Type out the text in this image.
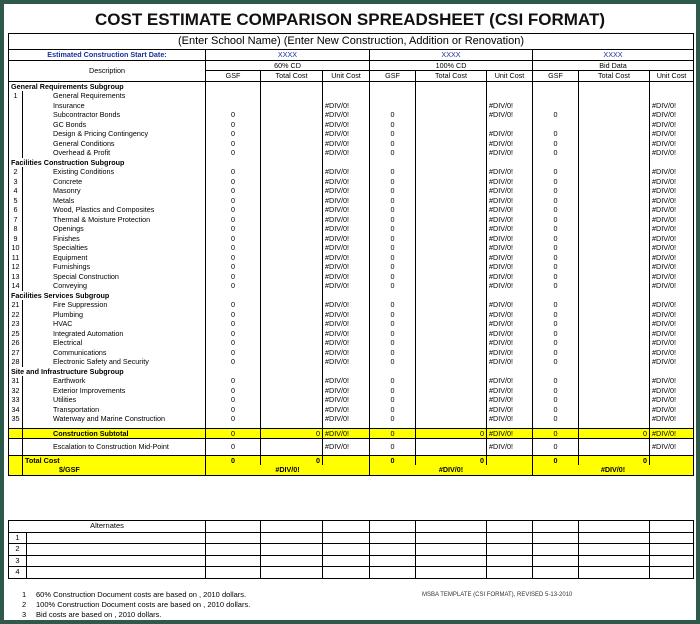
COST ESTIMATE COMPARISON SPREADSHEET (CSI FORMAT)
(Enter School Name) (Enter New Construction, Addition or Renovation)
Estimated Construction Start Date:		XXXX			XXXX			XXXX		
Description		60% CD			100% CD			Bid Data		
		GSF	Total Cost	Unit Cost	GSF	Total Cost	Unit Cost	GSF	Total Cost	Unit Cost
General Requirements Subgroup										
1	General Requirements									
	Insurance			#DIV/0!			#DIV/0!			#DIV/0!
	Subcontractor Bonds	0		#DIV/0!	0		#DIV/0!	0		#DIV/0!
	GC Bonds	0		#DIV/0!	0					#DIV/0!
	Design & Pricing Contingency	0		#DIV/0!	0		#DIV/0!	0		#DIV/0!
	General Conditions	0		#DIV/0!	0		#DIV/0!	0		#DIV/0!
	Overhead & Profit	0		#DIV/0!	0		#DIV/0!	0		#DIV/0!
Facilities Construction Subgroup										
2	Existing Conditions	0		#DIV/0!	0		#DIV/0!	0		#DIV/0!
3	Concrete	0		#DIV/0!	0		#DIV/0!	0		#DIV/0!
4	Masonry	0		#DIV/0!	0		#DIV/0!	0		#DIV/0!
5	Metals	0		#DIV/0!	0		#DIV/0!	0		#DIV/0!
6	Wood, Plastics and Composites	0		#DIV/0!	0		#DIV/0!	0		#DIV/0!
7	Thermal & Moisture Protection	0		#DIV/0!	0		#DIV/0!	0		#DIV/0!
8	Openings	0		#DIV/0!	0		#DIV/0!	0		#DIV/0!
9	Finishes	0		#DIV/0!	0		#DIV/0!	0		#DIV/0!
10	Specialties	0		#DIV/0!	0		#DIV/0!	0		#DIV/0!
11	Equipment	0		#DIV/0!	0		#DIV/0!	0		#DIV/0!
12	Furnishings	0		#DIV/0!	0		#DIV/0!	0		#DIV/0!
13	Special Construction	0		#DIV/0!	0		#DIV/0!	0		#DIV/0!
14	Conveying	0		#DIV/0!	0		#DIV/0!	0		#DIV/0!
Facilities Services Subgroup										
21	Fire Suppression	0		#DIV/0!	0		#DIV/0!	0		#DIV/0!
22	Plumbing	0		#DIV/0!	0		#DIV/0!	0		#DIV/0!
23	HVAC	0		#DIV/0!	0		#DIV/0!	0		#DIV/0!
25	Integrated Automation	0		#DIV/0!	0		#DIV/0!	0		#DIV/0!
26	Electrical	0		#DIV/0!	0		#DIV/0!	0		#DIV/0!
27	Communications	0		#DIV/0!	0		#DIV/0!	0		#DIV/0!
28	Electronic Safety and Security	0		#DIV/0!	0		#DIV/0!	0		#DIV/0!
Site and Infrastructure Subgroup										
31	Earthwork	0		#DIV/0!	0		#DIV/0!	0		#DIV/0!
32	Exterior Improvements	0		#DIV/0!	0		#DIV/0!	0		#DIV/0!
33	Utilities	0		#DIV/0!	0		#DIV/0!	0		#DIV/0!
34	Transportation	0		#DIV/0!	0		#DIV/0!	0		#DIV/0!
35	Waterway and Marine Construction	0		#DIV/0!	0		#DIV/0!	0		#DIV/0!

	Construction Subtotal	0	0	#DIV/0!	0	0	#DIV/0!	0	0	#DIV/0!

	Escalation to Construction Mid-Point	0		#DIV/0!	0		#DIV/0!	0		#DIV/0!

	Total Cost	0	0		0	0		0	0	
	$/GSF	#DIV/0!			#DIV/0!			#DIV/0!		
Alternates										
1										
2										
3										
4										
1 60% Construction Document costs are based on , 2010 dollars.
2 100% Construction Document costs are based on , 2010 dollars.
3 Bid costs are based on , 2010 dollars.
MSBA TEMPLATE (CSI FORMAT), REVISED 5-13-2010
